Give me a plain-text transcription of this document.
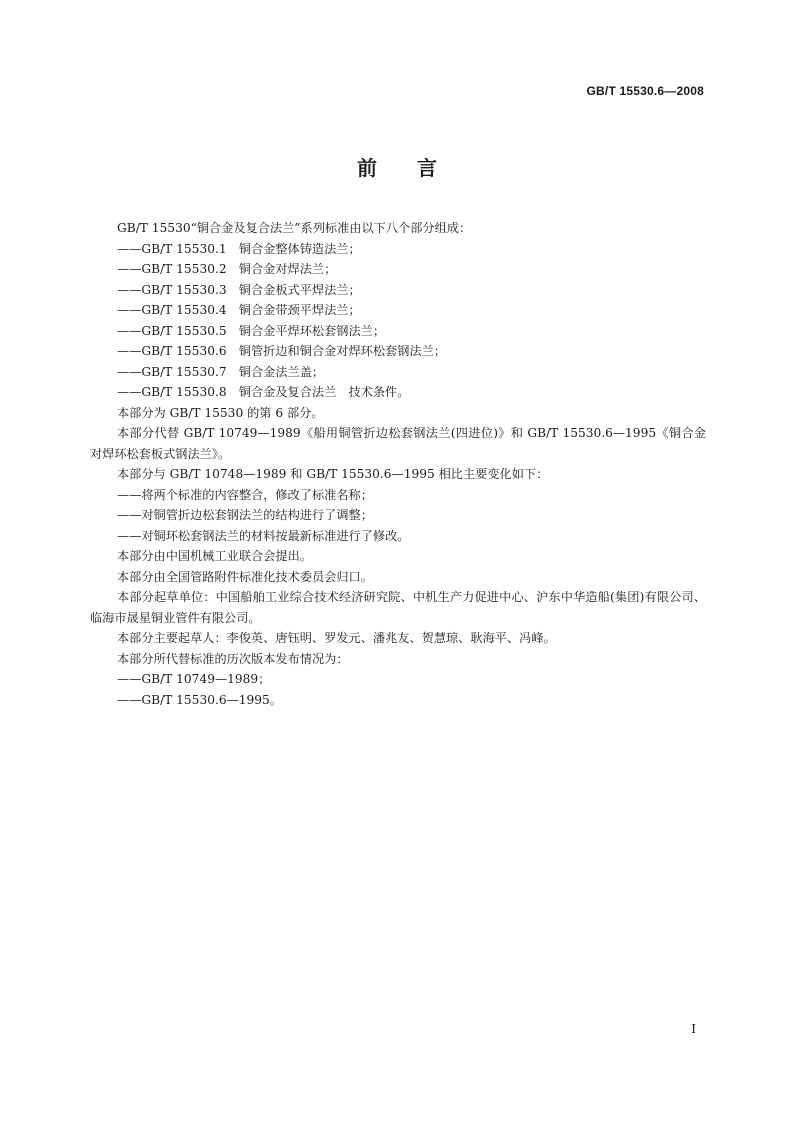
GB/T 15530.6—2008
前言
GB/T 15530“铜合金及复合法兰”系列标准由以下八个部分组成：
——GB/T 15530.1　铜合金整体铸造法兰；
——GB/T 15530.2　铜合金对焊法兰；
——GB/T 15530.3　铜合金板式平焊法兰；
——GB/T 15530.4　铜合金带颈平焊法兰；
——GB/T 15530.5　铜合金平焊环松套钢法兰；
——GB/T 15530.6　铜管折边和铜合金对焊环松套钢法兰；
——GB/T 15530.7　铜合金法兰盖；
——GB/T 15530.8　铜合金及复合法兰　技术条件。
本部分为 GB/T 15530 的第 6 部分。
本部分代替 GB/T 10749—1989《船用铜管折边松套钢法兰(四进位)》和 GB/T 15530.6—1995《铜合金对焊环松套板式钢法兰》。
本部分与 GB/T 10748—1989 和 GB/T 15530.6—1995 相比主要变化如下：
——将两个标准的内容整合，修改了标准名称；
——对铜管折边松套钢法兰的结构进行了调整；
——对铜环松套钢法兰的材料按最新标准进行了修改。
本部分由中国机械工业联合会提出。
本部分由全国管路附件标准化技术委员会归口。
本部分起草单位：中国船舶工业综合技术经济研究院、中机生产力促进中心、沪东中华造船(集团)有限公司、临海市晟星铜业管件有限公司。
本部分主要起草人：李俊英、唐钰明、罗发元、潘兆友、贺慧琼、耿海平、冯峰。
本部分所代替标准的历次版本发布情况为：
——GB/T 10749—1989；
——GB/T 15530.6—1995。
I
